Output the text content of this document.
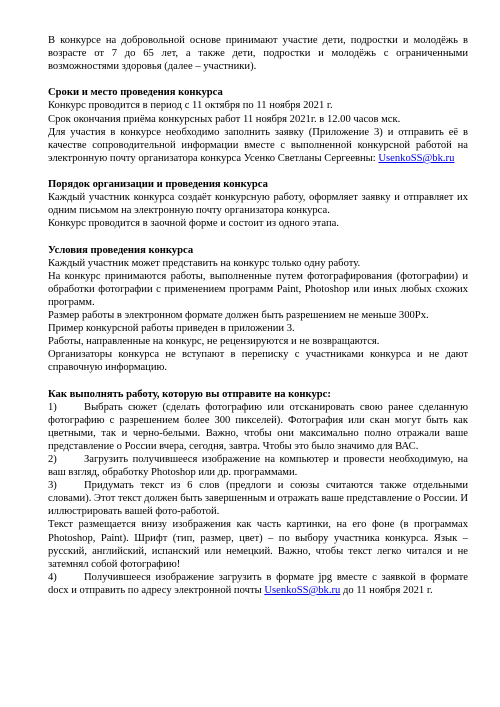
В конкурсе на добровольной основе принимают участие дети, подростки и молодёжь в возрасте от 7 до 65 лет, а также дети, подростки и молодёжь с ограниченными возможностями здоровья (далее – участники).

Сроки и место проведения конкурса

Конкурс проводится в период с 11 октября по 11 ноября 2021 г.

Срок окончания приёма конкурсных работ 11 ноября 2021г. в 12.00 часов мск.

Для участия в конкурсе необходимо заполнить заявку (Приложение 3) и отправить её в качестве сопроводительной информации вместе с выполненной конкурсной работой на электронную почту организатора конкурса Усенко Светланы Сергеевны: UsenkoSS@bk.ru

Порядок организации и проведения конкурса

Каждый участник конкурса создаёт конкурсную работу, оформляет заявку и отправляет их одним письмом на электронную почту организатора конкурса.

Конкурс проводится в заочной форме и состоит из одного этапа.

Условия проведения конкурса

Каждый участник может представить на конкурс только одну работу.

На конкурс принимаются работы, выполненные путем фотографирования (фотографии) и обработки фотографии с применением программ Paint, Photoshop или иных любых схожих программ.

Размер работы в электронном формате должен быть разрешением не меньше 300Px.

Пример конкурсной работы приведен в приложении 3.

Работы, направленные на конкурс, не рецензируются и не возвращаются.

Организаторы конкурса не вступают в переписку с участниками конкурса и не дают справочную информацию.

Как выполнять работу, которую вы отправите на конкурс:

1)	Выбрать сюжет (сделать фотографию или отсканировать свою ранее сделанную фотографию с разрешением более 300 пикселей). Фотография или скан могут быть как цветными, так и черно-белыми. Важно, чтобы они максимально полно отражали ваше представление о России вчера, сегодня, завтра. Чтобы это было значимо для ВАС.

2)	Загрузить получившееся изображение на компьютер и провести необходимую, на ваш взгляд, обработку Photoshop или др. программами.

3)	Придумать текст из 6 слов (предлоги и союзы считаются также отдельными словами). Этот текст должен быть завершенным и отражать ваше представление о России. И иллюстрировать вашей фото-работой.

Текст размещается внизу изображения как часть картинки, на его фоне (в программах Photoshop, Paint). Шрифт (тип, размер, цвет) – по выбору участника конкурса. Язык – русский, английский, испанский или немецкий. Важно, чтобы текст легко читался и не затемнял собой фотографию!

4)	Получившееся изображение загрузить в формате jpg вместе с заявкой в формате docx и отправить по адресу электронной почты UsenkoSS@bk.ru до 11 ноября 2021 г.
